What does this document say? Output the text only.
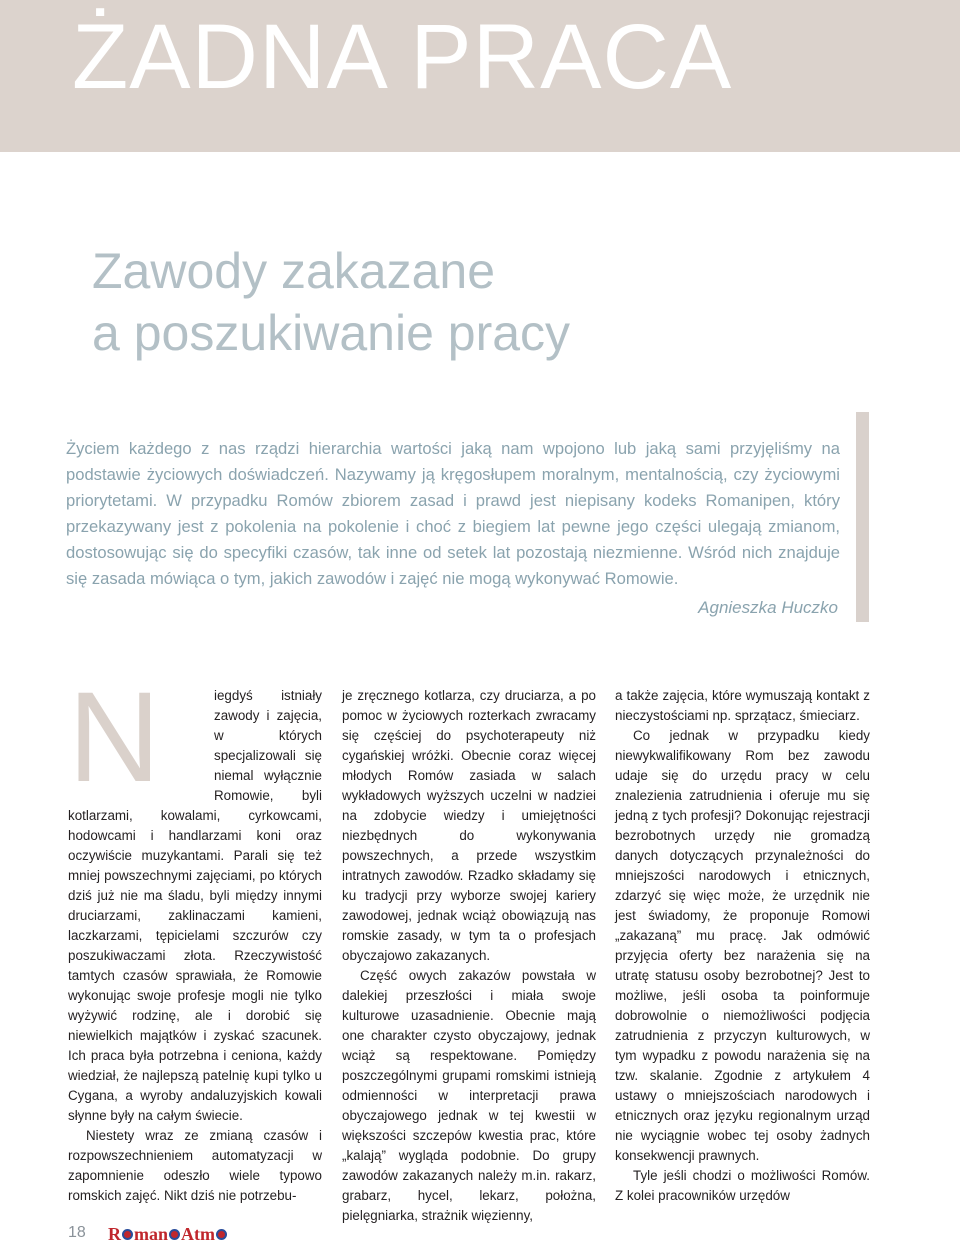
ŻADNA PRACA
Zawody zakazane
a poszukiwanie pracy

Życiem każdego z nas rządzi hierarchia wartości jaką nam wpojono lub jaką sami przyjęliśmy na podstawie życiowych doświadczeń. Nazywamy ją kręgosłupem moralnym, mentalnością, czy życiowymi priorytetami. W przypadku Romów zbiorem zasad i prawd jest niepisany kodeks Romanipen, który przekazywany jest z pokolenia na pokolenie i choć z biegiem lat pewne jego części ulegają zmianom, dostosowując się do specyfiki czasów, tak inne od setek lat pozostają niezmienne. Wśród nich znajduje się zasada mówiąca o tym, jakich zawodów i zajęć nie mogą wykonywać Romowie.

Agnieszka Huczko

N	iegdyś istniały zawody i zajęcia, w których specjalizowali się niemal wyłącznie Romowie, byli kotlarzami, kowalami, cyrkowcami, hodowcami i handlarzami koni oraz oczywiście muzykantami. Parali się też mniej powszechnymi zajęciami, po których dziś już nie ma śladu, byli między innymi druciarzami, zaklinaczami kamieni, laczkarzami, tępicielami szczurów czy poszukiwaczami złota. Rzeczywistość tamtych czasów sprawiała, że Romowie wykonując swoje profesje mogli nie tylko wyżywić rodzinę, ale i dorobić się niewielkich majątków i zyskać szacunek. Ich praca była potrzebna i ceniona, każdy wiedział, że najlepszą patelnię kupi tylko u Cygana, a wyroby andaluzyjskich kowali słynne były na całym świecie.

Niestety wraz ze zmianą czasów i rozpowszechnieniem automatyzacji w zapomnienie odeszło wiele typowo romskich zajęć. Nikt dziś nie potrzebu-

je zręcznego kotlarza, czy druciarza, a po pomoc w życiowych rozterkach zwracamy się częściej do psychoterapeuty niż cygańskiej wróżki. Obecnie coraz więcej młodych Romów zasiada w salach wykładowych wyższych uczelni w nadziei na zdobycie wiedzy i umiejętności niezbędnych do wykonywania powszechnych, a przede wszystkim intratnych zawodów. Rzadko składamy się ku tradycji przy wyborze swojej kariery zawodowej, jednak wciąż obowiązują nas romskie zasady, w tym ta o profesjach obyczajowo zakazanych.

Część owych zakazów powstała w dalekiej przeszłości i miała swoje kulturowe uzasadnienie. Obecnie mają one charakter czysto obyczajowy, jednak wciąż są respektowane. Pomiędzy poszczególnymi grupami romskimi istnieją odmienności w interpretacji prawa obyczajowego jednak w tej kwestii w większości szczepów kwestia prac, które „kalają” wygląda podobnie. Do grupy zawodów zakazanych należy m.in. rakarz, grabarz, hycel, lekarz, położna, pielęgniarka, strażnik więzienny,

a także zajęcia, które wymuszają kontakt z nieczystościami np. sprzątacz, śmieciarz.

Co jednak w przypadku kiedy niewykwalifikowany Rom bez zawodu udaje się do urzędu pracy w celu znalezienia zatrudnienia i oferuje mu się jedną z tych profesji? Dokonując rejestracji bezrobotnych urzędy nie gromadzą danych dotyczących przynależności do mniejszości narodowych i etnicznych, zdarzyć się więc może, że urzędnik nie jest świadomy, że proponuje Romowi „zakazaną” mu pracę. Jak odmówić przyjęcia oferty bez narażenia się na utratę statusu osoby bezrobotnej? Jest to możliwe, jeśli osoba ta poinformuje dobrowolnie o niemożliwości podjęcia zatrudnienia z przyczyn kulturowych, w tym wypadku z powodu narażenia się na tzw. skalanie. Zgodnie z artykułem 4 ustawy o mniejszościach narodowych i etnicznych oraz języku regionalnym urząd nie wyciągnie wobec tej osoby żadnych konsekwencji prawnych.

Tyle jeśli chodzi o możliwości Romów. Z kolei pracowników urzędów

18 R man Atm
